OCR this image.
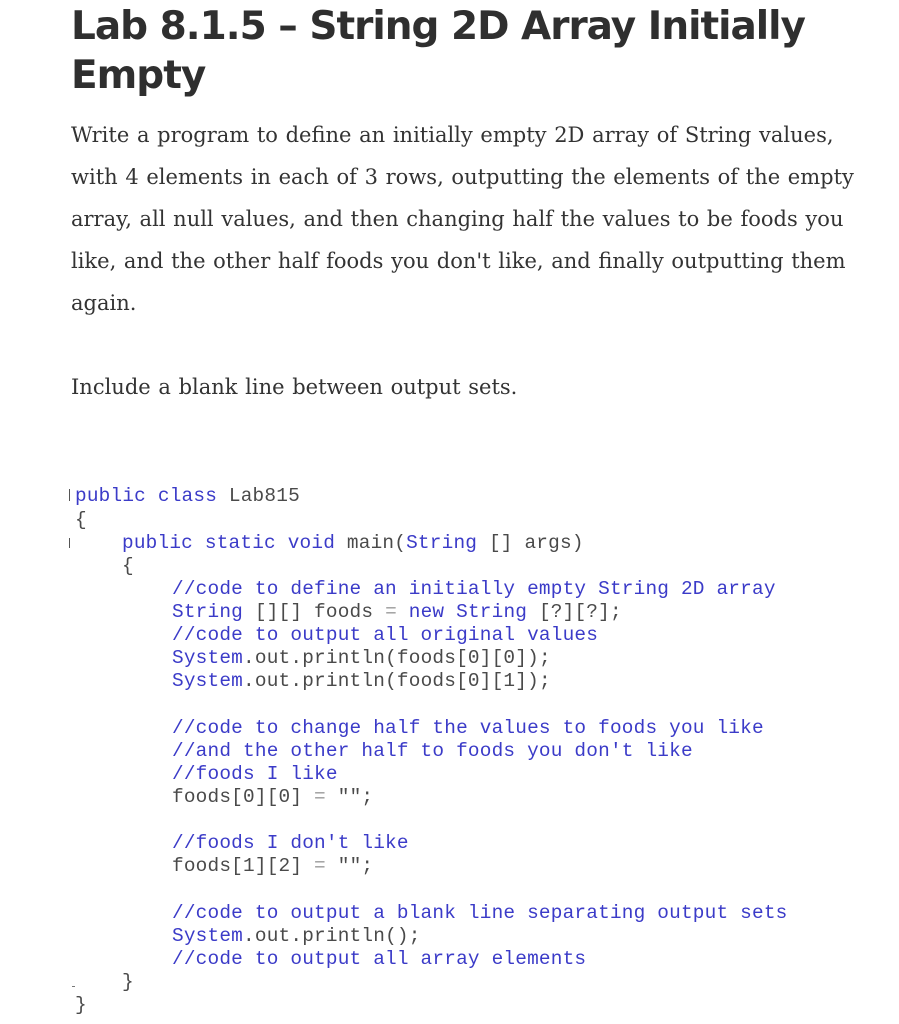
Lab 8.1.5 – String 2D Array Initially Empty

Write a program to define an initially empty 2D array of String values, with 4 elements in each of 3 rows, outputting the elements of the empty array, all null values, and then changing half the values to be foods you like, and the other half foods you don't like, and finally outputting them again.

Include a blank line between output sets.

public class Lab815
{
public static void main(String [] args)
{
//code to define an initially empty String 2D array
String [][] foods = new String [?][?];
//code to output all original values
System.out.println(foods[0][0]);
System.out.println(foods[0][1]);
//code to change half the values to foods you like
//and the other half to foods you don't like
//foods I like
foods[0][0] = "";
//foods I don't like
foods[1][2] = "";
//code to output a blank line separating output sets
System.out.println();
//code to output all array elements
}
}
